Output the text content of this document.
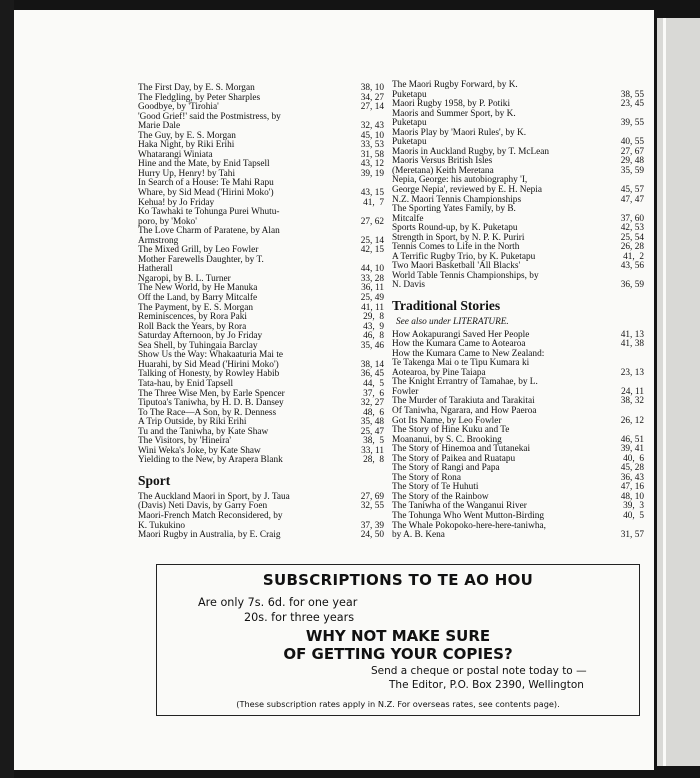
The First Day, by E. S. Morgan	38, 10
The Fledgling, by Peter Sharples	34, 27
Goodbye, by 'Tirohia'	27, 14
'Good Grief!' said the Postmistress, by
Marie Dale	32, 43
The Guy, by E. S. Morgan	45, 10
Haka Night, by Riki Erihi	33, 53
Whatarangi Winiata	31, 58
Hine and the Mate, by Enid Tapsell	43, 12
Hurry Up, Henry! by Tahi	39, 19
In Search of a House: Te Mahi Rapu
Whare, by Sid Mead ('Hirini Moko')	43, 15
Kehua! by Jo Friday	41,  7
Ko Tawhaki te Tohunga Purei Whutu-
poro, by 'Moko'	27, 62
The Love Charm of Paratene, by Alan
Armstrong	25, 14
The Mixed Grill, by Leo Fowler	42, 15
Mother Farewells Daughter, by T.
Hatherall	44, 10
Ngaropi, by B. L. Turner	33, 28
The New World, by He Manuka	36, 11
Off the Land, by Barry Mitcalfe	25, 49
The Payment, by E. S. Morgan	41, 11
Reminiscences, by Rora Paki	29,  8
Roll Back the Years, by Rora	43,  9
Saturday Afternoon, by Jo Friday	46,  8
Sea Shell, by Tuhingaia Barclay	35, 46
Show Us the Way: Whakaaturia Mai te
Huarahi, by Sid Mead ('Hirini Moko')	38, 14
Talking of Honesty, by Rowley Habib	36, 45
Tata-hau, by Enid Tapsell	44,  5
The Three Wise Men, by Earle Spencer	37,  6
Tiputoa's Taniwha, by H. D. B. Dansey	32, 27
To The Race—A Son, by R. Denness	48,  6
A Trip Outside, by Riki Erihi	35, 48
Tu and the Taniwha, by Kate Shaw	25, 47
The Visitors, by 'Hineira'	38,  5
Wini Weka's Joke, by Kate Shaw	33, 11
Yielding to the New, by Arapera Blank	28,  8
Sport
The Auckland Maori in Sport, by J. Taua	27, 69
(Davis) Neti Davis, by Garry Foen	32, 55
Maori-French Match Reconsidered, by
K. Tukukino	37, 39
Maori Rugby in Australia, by E. Craig	24, 50
The Maori Rugby Forward, by K.
Puketapu	38, 55
Maori Rugby 1958, by P. Potiki	23, 45
Maoris and Summer Sport, by K.
Puketapu	39, 55
Maoris Play by 'Maori Rules', by K.
Puketapu	40, 55
Maoris in Auckland Rugby, by T. McLean	27, 67
Maoris Versus British Isles	29, 48
(Meretana) Keith Meretana	35, 59
Nepia, George: his autobiography 'I,
George Nepia', reviewed by E. H. Nepia	45, 57
N.Z. Maori Tennis Championships	47, 47
The Sporting Yates Family, by B.
Mitcalfe	37, 60
Sports Round-up, by K. Puketapu	42, 53
Strength in Sport, by N. P. K. Puriri	25, 54
Tennis Comes to Life in the North	26, 28
A Terrific Rugby Trio, by K. Puketapu	41,  2
Two Maori Basketball 'All Blacks'	43, 56
World Table Tennis Championships, by
N. Davis	36, 59
Traditional Stories
See also under LITERATURE.
How Aokapurangi Saved Her People	41, 13
How the Kumara Came to Aotearoa	41, 38
How the Kumara Came to New Zealand:
Te Takenga Mai o te Tipu Kumara ki
Aotearoa, by Pine Taiapa	23, 13
The Knight Errantry of Tamahae, by L.
Fowler	24, 11
The Murder of Tarakiuta and Tarakitai	38, 32
Of Taniwha, Ngarara, and How Paeroa
Got Its Name, by Leo Fowler	26, 12
The Story of Hine Kuku and Te
Moananui, by S. C. Brooking	46, 51
The Story of Hinemoa and Tutanekai	39, 41
The Story of Paikea and Ruatapu	40,  6
The Story of Rangi and Papa	45, 28
The Story of Rona	36, 43
The Story of Te Huhuti	47, 16
The Story of the Rainbow	48, 10
The Taniwha of the Wanganui River	39,  3
The Tohunga Who Went Mutton-Birding	40,  5
The Whale Pokopoko-here-here-taniwha,
by A. B. Kena	31, 57
SUBSCRIPTIONS TO TE AO HOU
Are only 7s. 6d. for one year
20s. for three years
WHY NOT MAKE SURE
OF GETTING YOUR COPIES?
Send a cheque or postal note today to —
The Editor, P.O. Box 2390, Wellington
(These subscription rates apply in N.Z. For overseas rates, see contents page).
